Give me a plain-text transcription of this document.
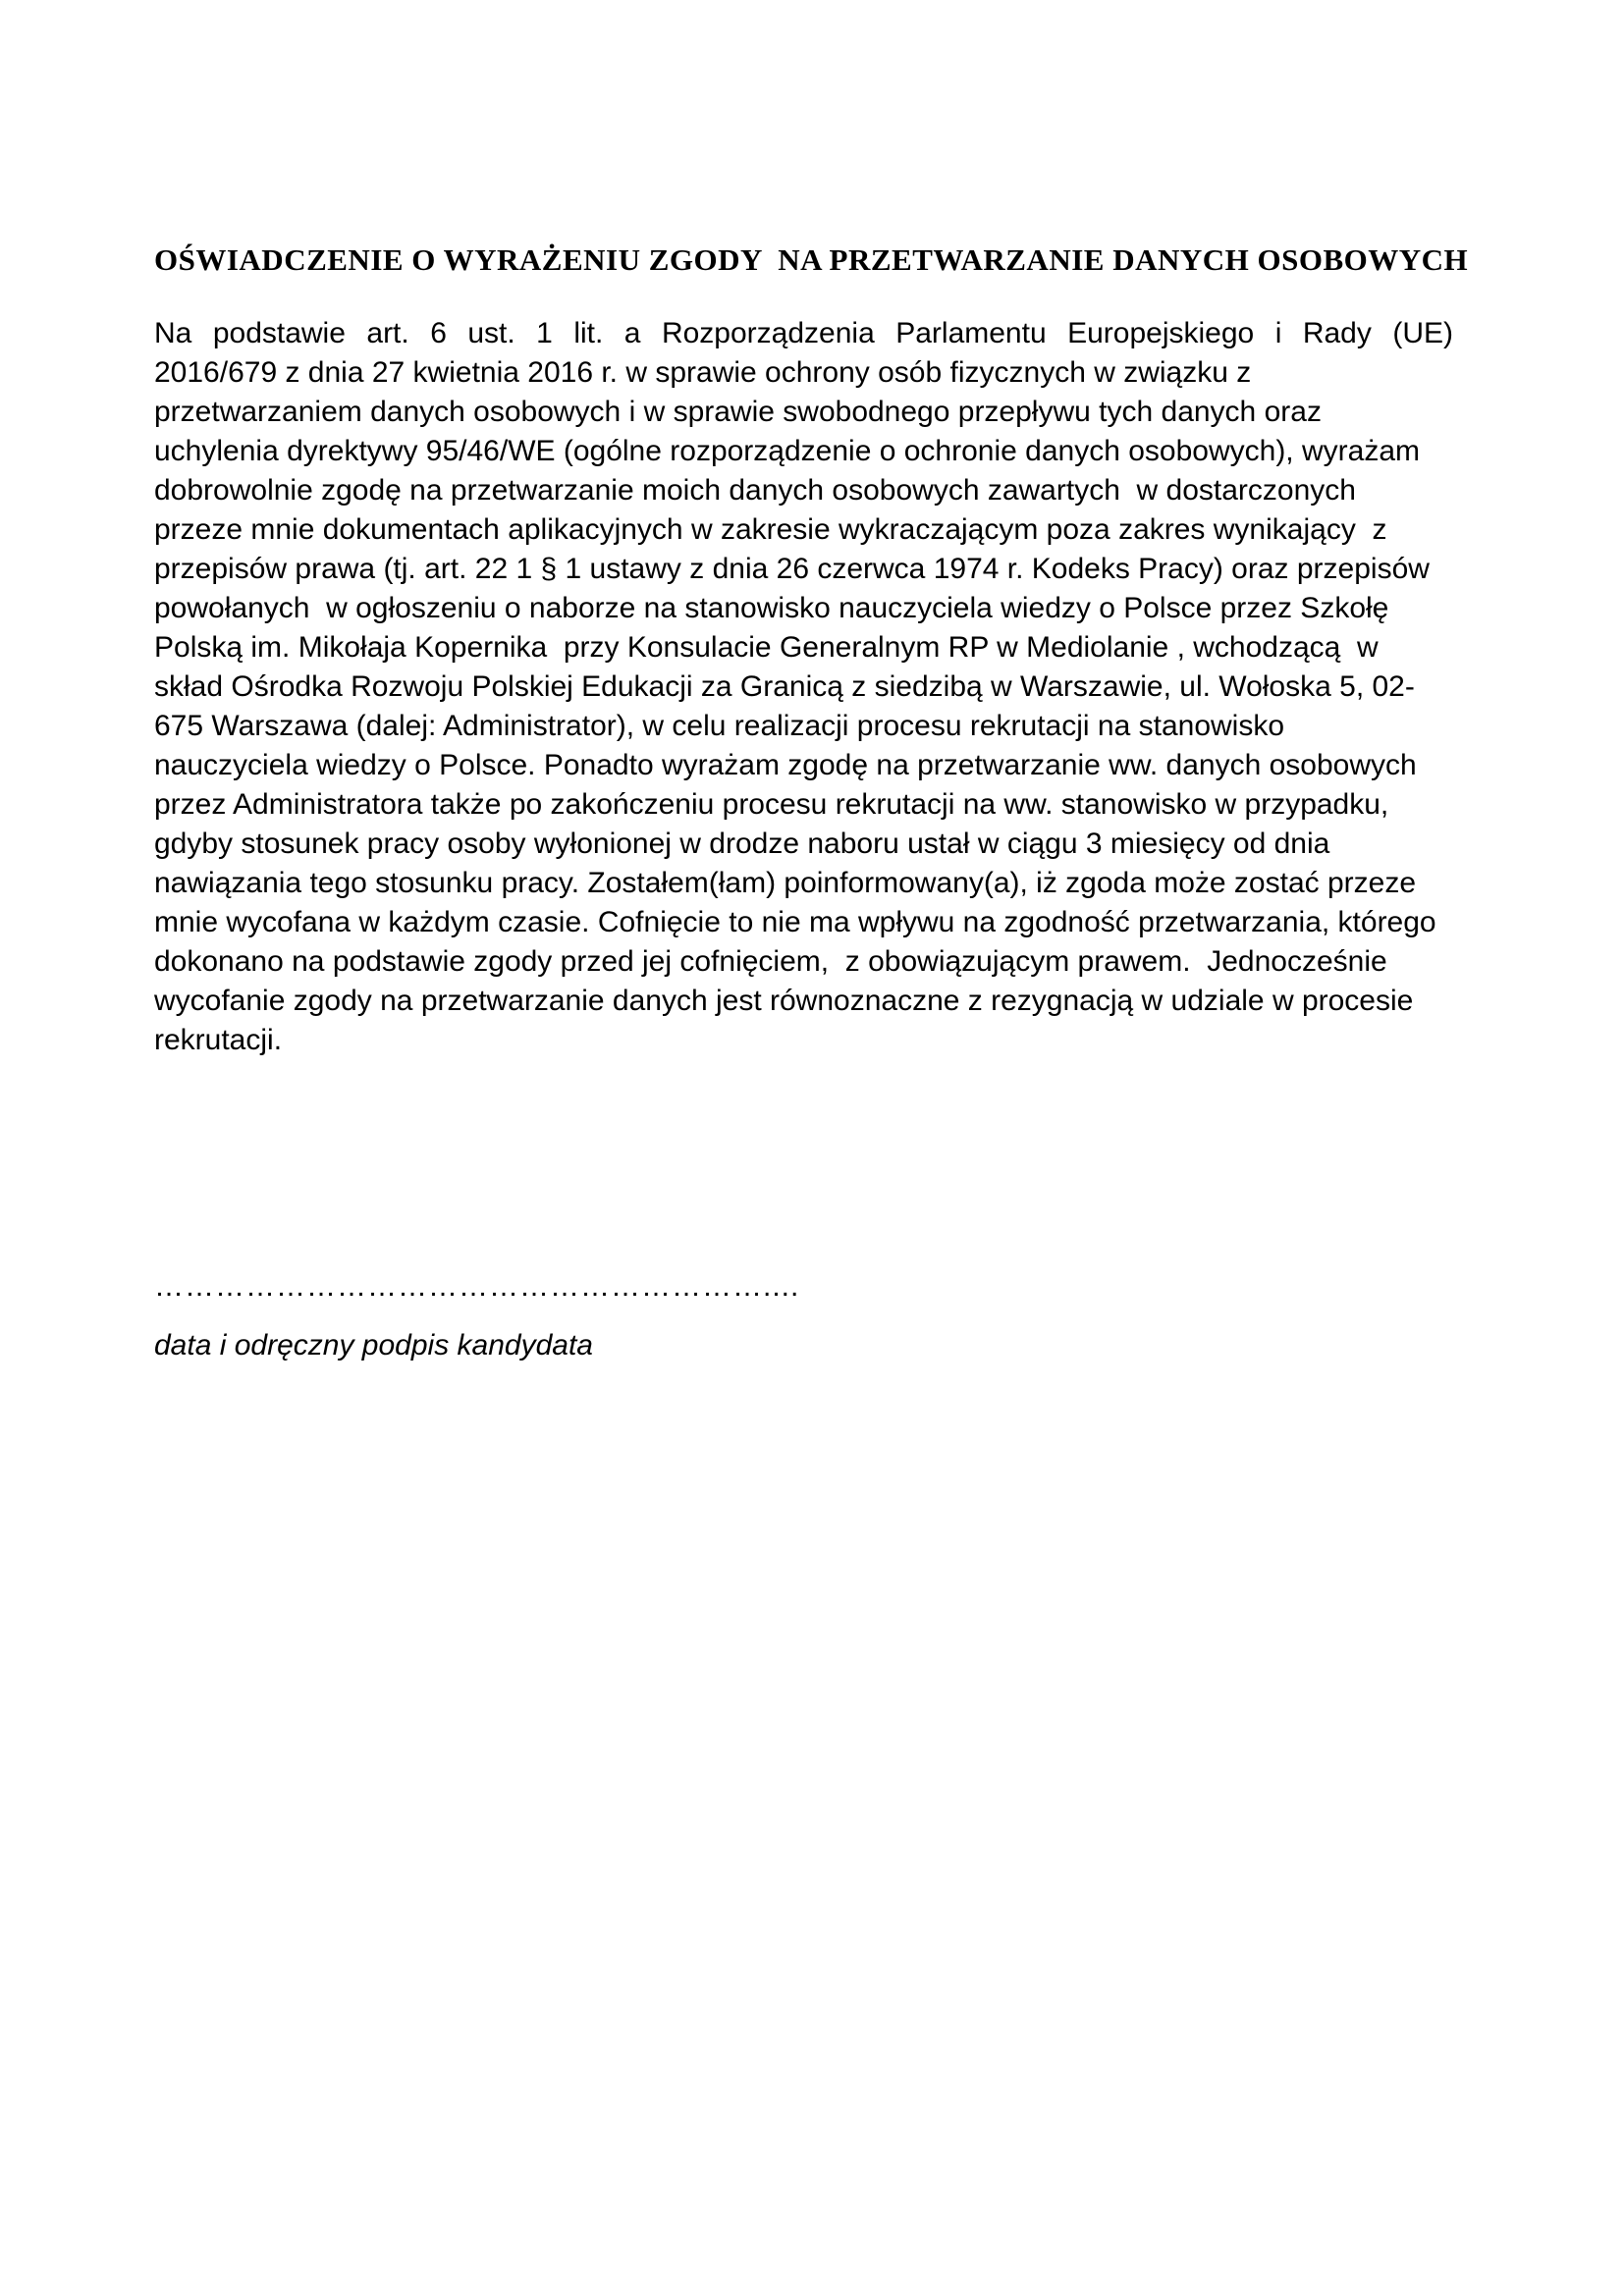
OŚWIADCZENIE O WYRAŻENIU ZGODY  NA PRZETWARZANIE DANYCH OSOBOWYCH
Na podstawie art. 6 ust. 1 lit. a Rozporządzenia Parlamentu Europejskiego i Rady (UE)
2016/679 z dnia 27 kwietnia 2016 r. w sprawie ochrony osób fizycznych w związku z
przetwarzaniem danych osobowych i w sprawie swobodnego przepływu tych danych oraz
uchylenia dyrektywy 95/46/WE (ogólne rozporządzenie o ochronie danych osobowych), wyrażam
dobrowolnie zgodę na przetwarzanie moich danych osobowych zawartych  w dostarczonych
przeze mnie dokumentach aplikacyjnych w zakresie wykraczającym poza zakres wynikający  z
przepisów prawa (tj. art. 22 1 § 1 ustawy z dnia 26 czerwca 1974 r. Kodeks Pracy) oraz przepisów
powołanych  w ogłoszeniu o naborze na stanowisko nauczyciela wiedzy o Polsce przez Szkołę
Polską im. Mikołaja Kopernika  przy Konsulacie Generalnym RP w Mediolanie , wchodzącą  w
skład Ośrodka Rozwoju Polskiej Edukacji za Granicą z siedzibą w Warszawie, ul. Wołoska 5, 02-
675 Warszawa (dalej: Administrator), w celu realizacji procesu rekrutacji na stanowisko
nauczyciela wiedzy o Polsce. Ponadto wyrażam zgodę na przetwarzanie ww. danych osobowych
przez Administratora także po zakończeniu procesu rekrutacji na ww. stanowisko w przypadku,
gdyby stosunek pracy osoby wyłonionej w drodze naboru ustał w ciągu 3 miesięcy od dnia
nawiązania tego stosunku pracy. Zostałem(łam) poinformowany(a), iż zgoda może zostać przeze
mnie wycofana w każdym czasie. Cofnięcie to nie ma wpływu na zgodność przetwarzania, którego
dokonano na podstawie zgody przed jej cofnięciem,  z obowiązującym prawem.  Jednocześnie
wycofanie zgody na przetwarzanie danych jest równoznaczne z rezygnacją w udziale w procesie
rekrutacji.
……………………………………………………....
data i odręczny podpis kandydata
